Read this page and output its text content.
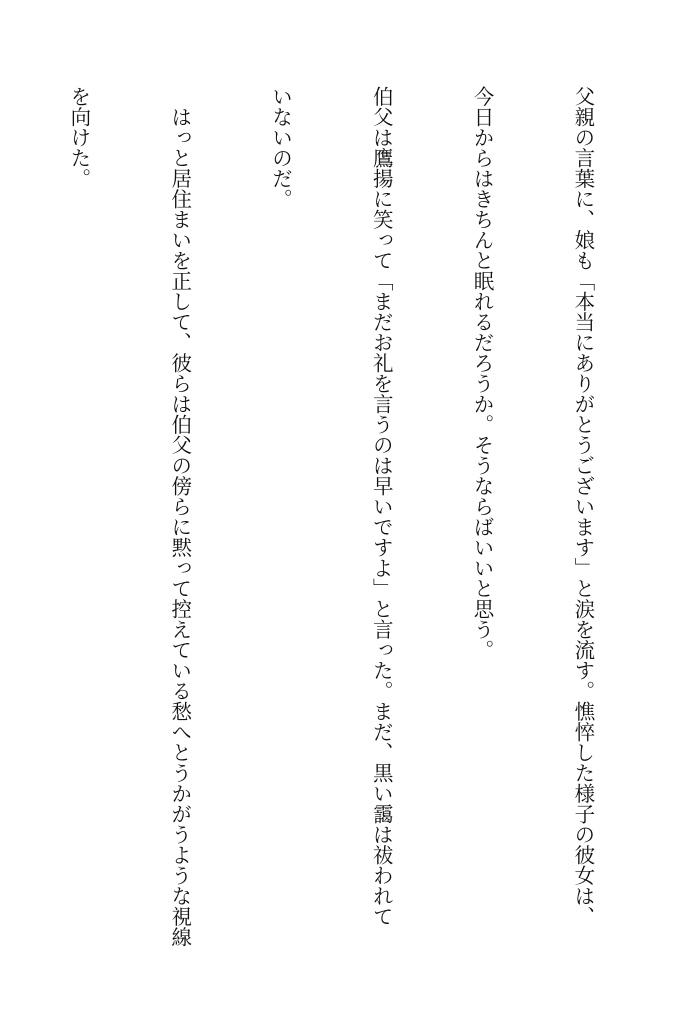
父親の言葉に、娘も「本当にありがとうございます」と涙を流す。憔悴した様子の彼女は、

今日からはきちんと眠れるだろうか。そうならばいいと思う。

伯父は鷹揚に笑って「まだお礼を言うのは早いですよ」と言った。まだ、黒い靄は祓われて

いないのだ。

　はっと居住まいを正して、彼らは伯父の傍らに黙って控えている愁へとうかがうような視線

を向けた。
